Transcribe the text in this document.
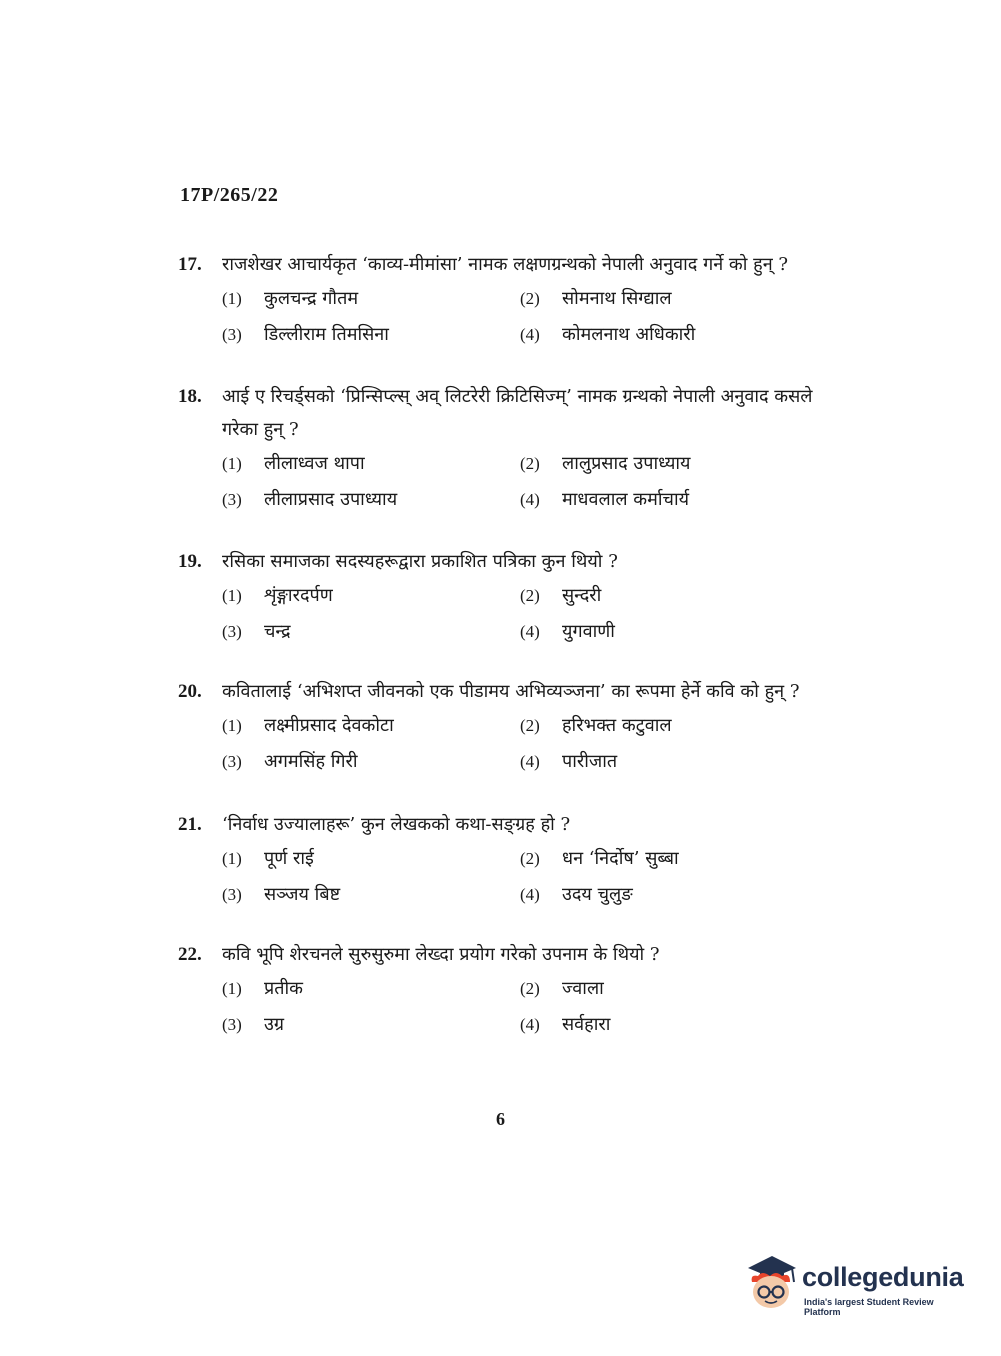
17P/265/22
17.	राजशेखर आचार्यकृत ‘काव्य-मीमांसा’ नामक लक्षणग्रन्थको नेपाली अनुवाद गर्ने को हुन् ?
(1)	कुलचन्द्र गौतम	(2)	सोमनाथ सिग्द्याल
(3)	डिल्लीराम तिमसिना	(4)	कोमलनाथ अधिकारी
18.	आई ए रिचर्ड्सको ‘प्रिन्सिप्ल्स् अव् लिटरेरी क्रिटिसिज्म्’ नामक ग्रन्थको नेपाली अनुवाद कसले गरेका हुन् ?
(1)	लीलाध्वज थापा	(2)	लालुप्रसाद उपाध्याय
(3)	लीलाप्रसाद उपाध्याय	(4)	माधवलाल कर्माचार्य
19.	रसिका समाजका सदस्यहरूद्वारा प्रकाशित पत्रिका कुन थियो ?
(1)	शृंङ्गारदर्पण	(2)	सुन्दरी
(3)	चन्द्र	(4)	युगवाणी
20.	कवितालाई ‘अभिशप्त जीवनको एक पीडामय अभिव्यञ्जना’ का रूपमा हेर्ने कवि को हुन् ?
(1)	लक्ष्मीप्रसाद देवकोटा	(2)	हरिभक्त कटुवाल
(3)	अगमसिंह गिरी	(4)	पारीजात
21.	‘निर्वाध उज्यालाहरू’ कुन लेखकको कथा-सङ्ग्रह हो ?
(1)	पूर्ण राई	(2)	धन ‘निर्दोष’ सुब्बा
(3)	सञ्जय बिष्ट	(4)	उदय चुलुङ
22.	कवि भूपि शेरचनले सुरुसुरुमा लेख्दा प्रयोग गरेको उपनाम के थियो ?
(1)	प्रतीक	(2)	ज्वाला
(3)	उग्र	(4)	सर्वहारा
6
collegedunia
India's largest Student Review Platform
